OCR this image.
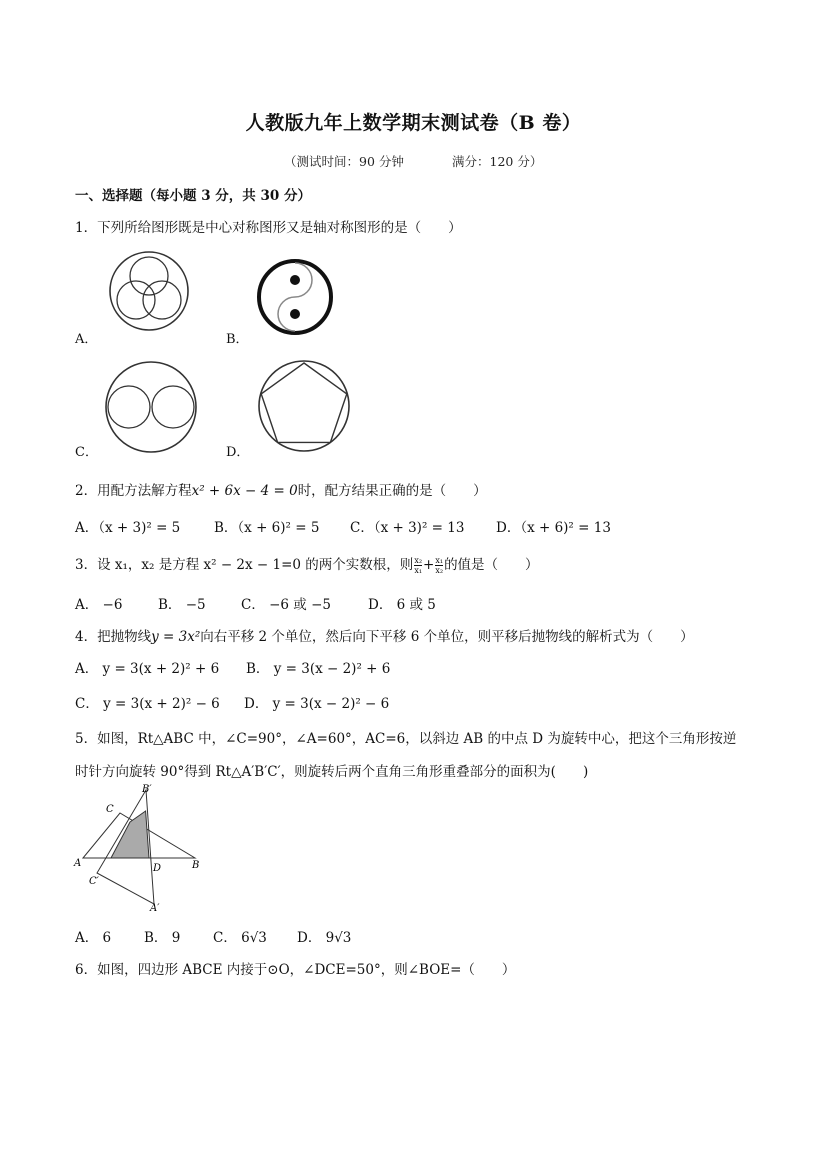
人教版九年上数学期末测试卷（B 卷）
（测试时间：90 分钟	满分：120 分）
一、选择题（每小题 3 分，共 30 分）
1．下列所给图形既是中心对称图形又是轴对称图形的是（　　）
A．	B．
C．	D．
2．用配方法解方程x² + 6x − 4 = 0时，配方结果正确的是（　　）
A．（x + 3)² = 5 B．（x + 6)² = 5 C．（x + 3)² = 13 D．（x + 6)² = 13
3．设 x₁，x₂ 是方程 x² − 2x − 1=0 的两个实数根，则 $\frac{\text{x₂}}{\text{x₁}} + \frac{\text{x₁}}{\text{x₂}}$ 的值是（　　）
A． −6	B． −5	C． −6 或 −5	D． 6 或 5
4．把抛物线y = 3x²向右平移 2 个单位，然后向下平移 6 个单位，则平移后抛物线的解析式为（　　）
A． y = 3(x + 2)² + 6 B． y = 3(x − 2)² + 6
C． y = 3(x + 2)² − 6 D． y = 3(x − 2)² − 6
5．如图，Rt△ABC 中，∠C=90°，∠A=60°，AC=6，以斜边 AB 的中点 D 为旋转中心，把这个三角形按逆
时针方向旋转 90°得到 Rt△A′B′C′，则旋转后两个直角三角形重叠部分的面积为(　　)
C
B′
A	D	B
C′
A′
A． 6 B． 9 C． 6√3 D． 9√3
6．如图，四边形 ABCE 内接于⊙O，∠DCE=50°，则∠BOE=（　　）
